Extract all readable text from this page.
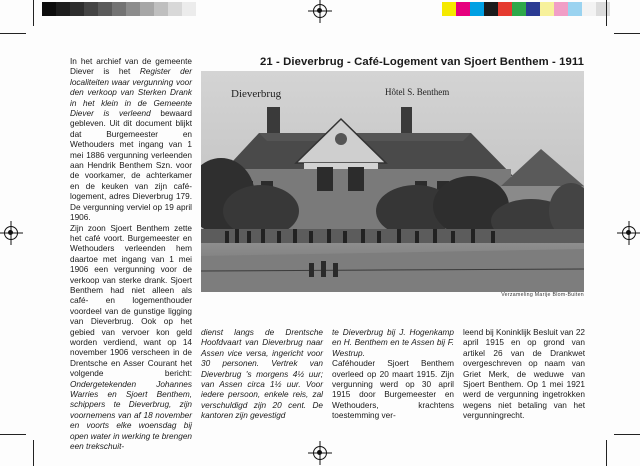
21 - Dieverbrug - Café-Logement van Sjoert Benthem - 1911
Dieverbrug	Hôtel S. Benthem
Verzameling Marije Blom-Buiten

In het archief van de gemeente Diever is het Register der localiteiten waar vergunning voor den verkoop van Sterken Drank in het klein in de Gemeente Diever is verleend bewaard gebleven. Uit dit document blijkt dat Burgemeester en Wethouders met ingang van 1 mei 1886 vergunning verleenden aan Hendrik Benthem Szn. voor de voorkamer, de achterkamer en de keuken van zijn café-logement, adres Dieverbrug 179. De vergunning verviel op 19 april 1906.

Zijn zoon Sjoert Benthem zette het café voort. Burgemeester en Wethouders verleenden hem daartoe met ingang van 1 mei 1906 een vergunning voor de verkoop van sterke drank. Sjoert Benthem had niet alleen als café- en logementhouder voordeel van de gunstige ligging van Dieverbrug. Ook op het gebied van vervoer kon geld worden verdiend, want op 14 november 1906 verscheen in de Drentsche en Asser Courant het volgende bericht: Ondergetekenden Johannes Warries en Sjoert Benthem, schippers te Dieverbrug, zijn voornemens van af 18 november en voorts elke woensdag bij open water in werking te brengen een trekschuit-

dienst langs de Drentsche Hoofdvaart van Dieverbrug naar Assen vice versa, ingericht voor 30 personen. Vertrek van Dieverbrug 's morgens 4½ uur; van Assen circa 1½ uur. Voor iedere persoon, enkele reis, zal verschuldigd zijn 20 cent. De kantoren zijn gevestigd

te Dieverbrug bij J. Hogenkamp en H. Benthem en te Assen bij F. Westrup.

Caféhouder Sjoert Benthem overleed op 20 maart 1915. Zijn vergunning werd op 30 april 1915 door Burgemeester en Wethouders, krachtens toestemming ver-

leend bij Koninklijk Besluit van 22 april 1915 en op grond van artikel 26 van de Drankwet overgeschreven op naam van Griet Merk, de weduwe van Sjoert Benthem. Op 1 mei 1921 werd de vergunning ingetrokken wegens niet betaling van het vergunningrecht.
